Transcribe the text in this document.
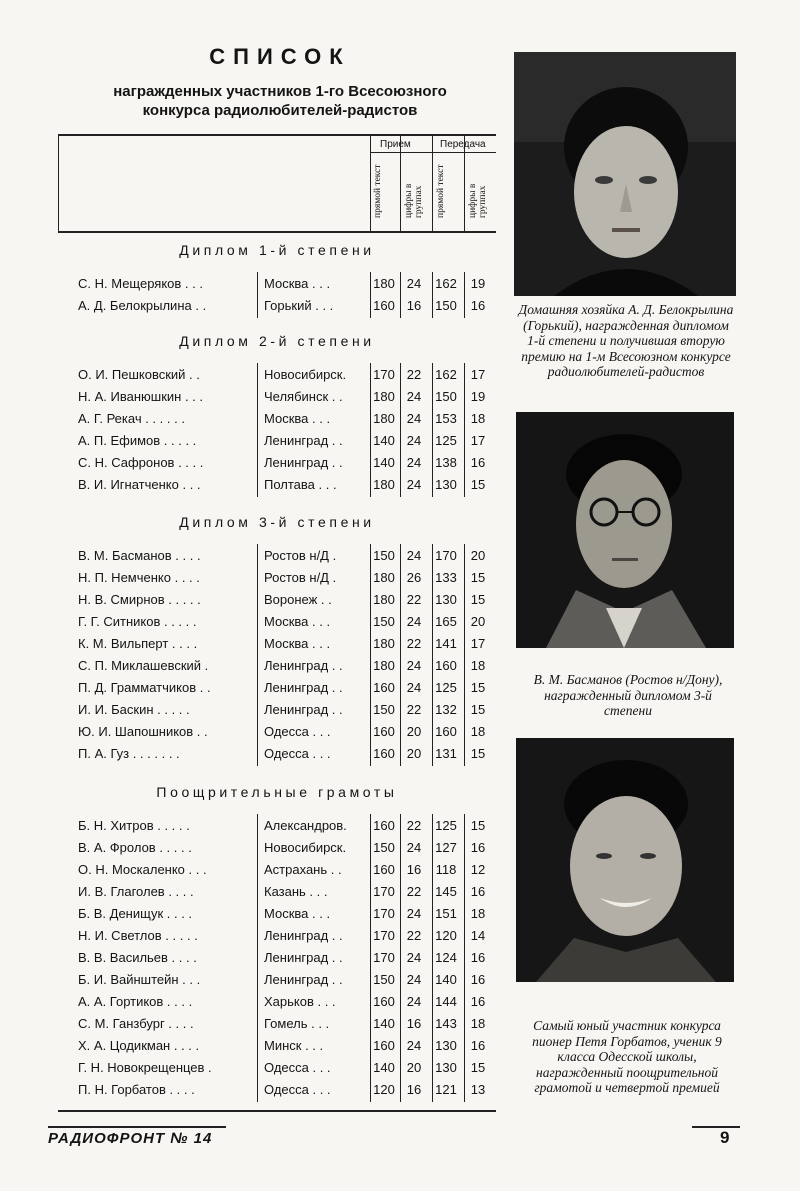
СПИСОК
награжденных участников 1-го Всесоюзного
конкурса радиолюбителей-радистов
Прием	Передача
прямой текст цифры в группах прямой текст цифры в группах
Диплом 1-й степени
С. Н. Мещеряков . . .	Москва . . .	180 24	162	19
А. Д. Белокрылина . .	Горький . . .	160 16	150	16
Диплом 2-й степени
О. И. Пешковский . .	Новосибирск.	170 22	162	17
Н. А. Иванюшкин . . .	Челябинск . .	180 24	150	19
А. Г. Рекач . . . . . .	Москва . . .	180 24	153	18
А. П. Ефимов . . . . .	Ленинград . .	140 24	125	17
С. Н. Сафронов . . . .	Ленинград . .	140 24	138	16
В. И. Игнатченко . . .	Полтава . . .	180 24	130	15
Диплом 3-й степени
В. М. Басманов . . . .	Ростов н/Д .	150 24	170	20
Н. П. Немченко . . . .	Ростов н/Д .	180 26	133	15
Н. В. Смирнов . . . . .	Воронеж . .	180 22	130	15
Г. Г. Ситников . . . . .	Москва . . .	150 24	165	20
К. М. Вильперт . . . .	Москва . . .	180 22	141	17
С. П. Миклашевский .	Ленинград . .	180 24	160	18
П. Д. Грамматчиков . .	Ленинград . .	160 24	125	15
И. И. Баскин . . . . .	Ленинград . .	150 22	132	15
Ю. И. Шапошников . .	Одесса . . .	160 20	160	18
П. А. Гуз . . . . . . .	Одесса . . .	160 20	131	15
Поощрительные грамоты
Б. Н. Хитров . . . . .	Александров.	160 22	125	15
В. А. Фролов . . . . .	Новосибирск.	150 24	127	16
О. Н. Москаленко . . .	Астрахань . .	160 16	118	12
И. В. Глаголев . . . .	Казань . . .	170 22	145	16
Б. В. Денищук . . . .	Москва . . .	170 24	151	18
Н. И. Светлов . . . . .	Ленинград . .	170 22	120	14
В. В. Васильев . . . .	Ленинград . .	170 24	124	16
Б. И. Вайнштейн . . .	Ленинград . .	150 24	140	16
А. А. Гортиков . . . .	Харьков . . .	160 24	144	16
С. М. Ганзбург . . . .	Гомель . . .	140 16	143	18
Х. А. Цодикман . . . .	Минск . . .	160 24	130	16
Г. Н. Новокрещенцев .	Одесса . . .	140 20	130	15
П. Н. Горбатов . . . .	Одесса . . .	120 16	121	13
Домашняя хозяйка А. Д. Белокрылина (Горький), награжденная дипломом 1-й степени и получившая вторую премию на 1-м Всесоюзном конкурсе радиолюбителей-радистов
В. М. Басманов (Ростов н/Дону), награжденный дипломом 3-й степени
Самый юный участник конкурса пионер Петя Горбатов, ученик 9 класса Одесской школы, награжденный поощрительной грамотой и четвертой премией
РАДИОФРОНТ № 14	9
